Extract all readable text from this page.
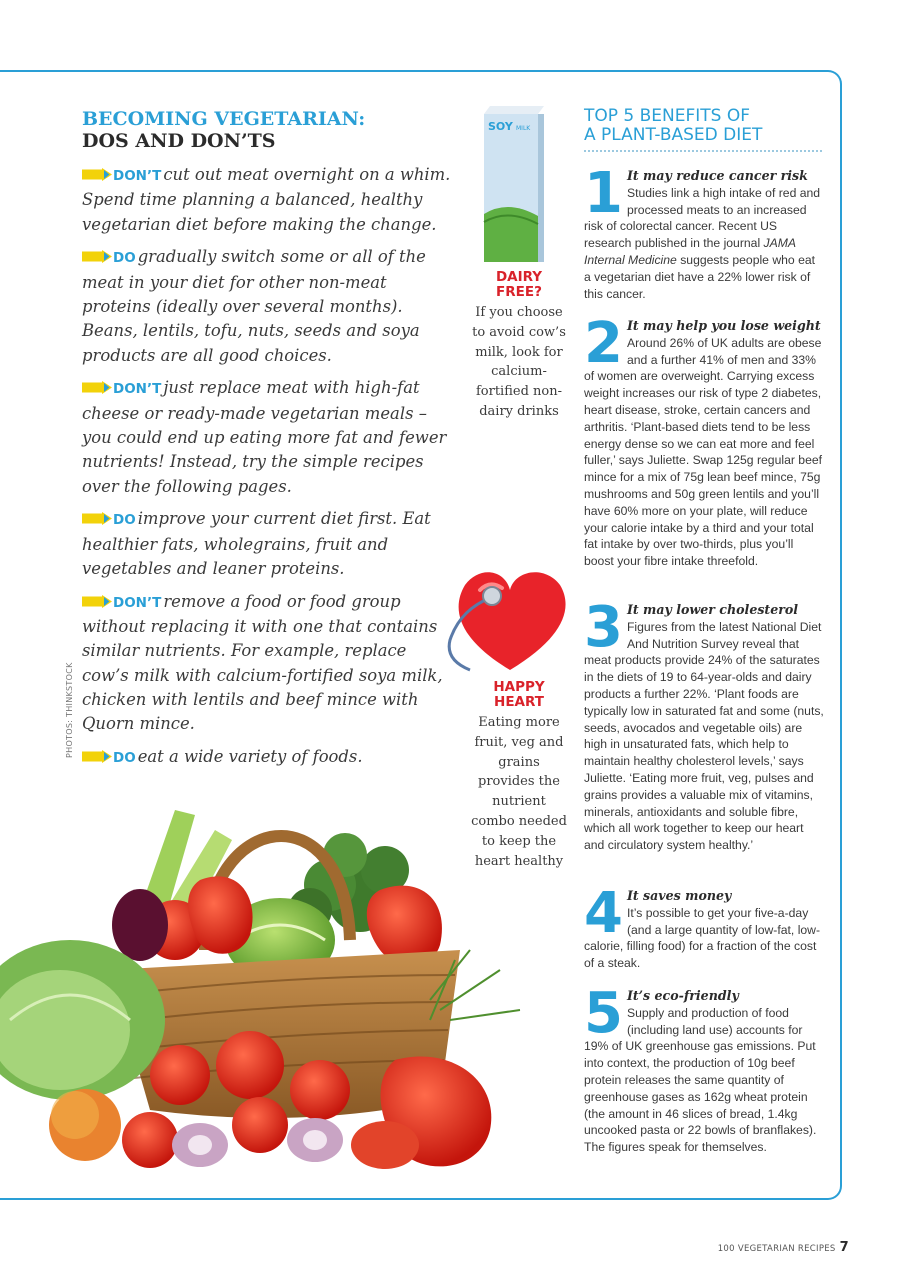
BECOMING VEGETARIAN:
DOS AND DON’TS

DON’T cut out meat overnight on a whim. Spend time planning a balanced, healthy vegetarian diet before making the change.

DO gradually switch some or all of the meat in your diet for other non-meat proteins (ideally over several months). Beans, lentils, tofu, nuts, seeds and soya products are all good choices.

DON’T just replace meat with high-fat cheese or ready-made vegetarian meals – you could end up eating more fat and fewer nutrients! Instead, try the simple recipes over the following pages.

DO improve your current diet first. Eat healthier fats, wholegrains, fruit and vegetables and leaner proteins.

DON’T remove a food or food group without replacing it with one that contains similar nutrients. For example, replace cow’s milk with calcium-fortified soya milk, chicken with lentils and beef mince with Quorn mince.

DO eat a wide variety of foods.

PHOTOS: THINKSTOCK
SOY MILK
DAIRY
FREE?
If you choose to avoid cow’s milk, look for calcium-fortified non-dairy drinks
HAPPY
HEART
Eating more fruit, veg and grains provides the nutrient combo needed to keep the heart healthy
TOP 5 BENEFITS OF
A PLANT-BASED DIET
1 It may reduce cancer risk
Studies link a high intake of red and processed meats to an increased risk of colorectal cancer. Recent US research published in the journal JAMA Internal Medicine suggests people who eat a vegetarian diet have a 22% lower risk of this cancer.
2 It may help you lose weight
Around 26% of UK adults are obese and a further 41% of men and 33% of women are overweight. Carrying excess weight increases our risk of type 2 diabetes, heart disease, stroke, certain cancers and arthritis. ‘Plant-based diets tend to be less energy dense so we can eat more and feel fuller,’ says Juliette. Swap 125g regular beef mince for a mix of 75g lean beef mince, 75g mushrooms and 50g green lentils and you’ll have 60% more on your plate, will reduce your calorie intake by a third and your total fat intake by over two-thirds, plus you’ll boost your fibre intake threefold.
3 It may lower cholesterol
Figures from the latest National Diet And Nutrition Survey reveal that meat products provide 24% of the saturates in the diets of 19 to 64-year-olds and dairy products a further 22%. ‘Plant foods are typically low in saturated fat and some (nuts, seeds, avocados and vegetable oils) are high in unsaturated fats, which help to maintain healthy cholesterol levels,’ says Juliette. ‘Eating more fruit, veg, pulses and grains provides a valuable mix of vitamins, minerals, antioxidants and soluble fibre, which all work together to keep our heart and circulatory system healthy.’
4 It saves money
It’s possible to get your five-a-day (and a large quantity of low-fat, low-calorie, filling food) for a fraction of the cost of a steak.
5 It’s eco-friendly
Supply and production of food (including land use) accounts for 19% of UK greenhouse gas emissions. Put into context, the production of 10g beef protein releases the same quantity of greenhouse gases as 162g wheat protein (the amount in 46 slices of bread, 1.4kg uncooked pasta or 22 bowls of branflakes). The figures speak for themselves.
100 VEGETARIAN RECIPES 7
